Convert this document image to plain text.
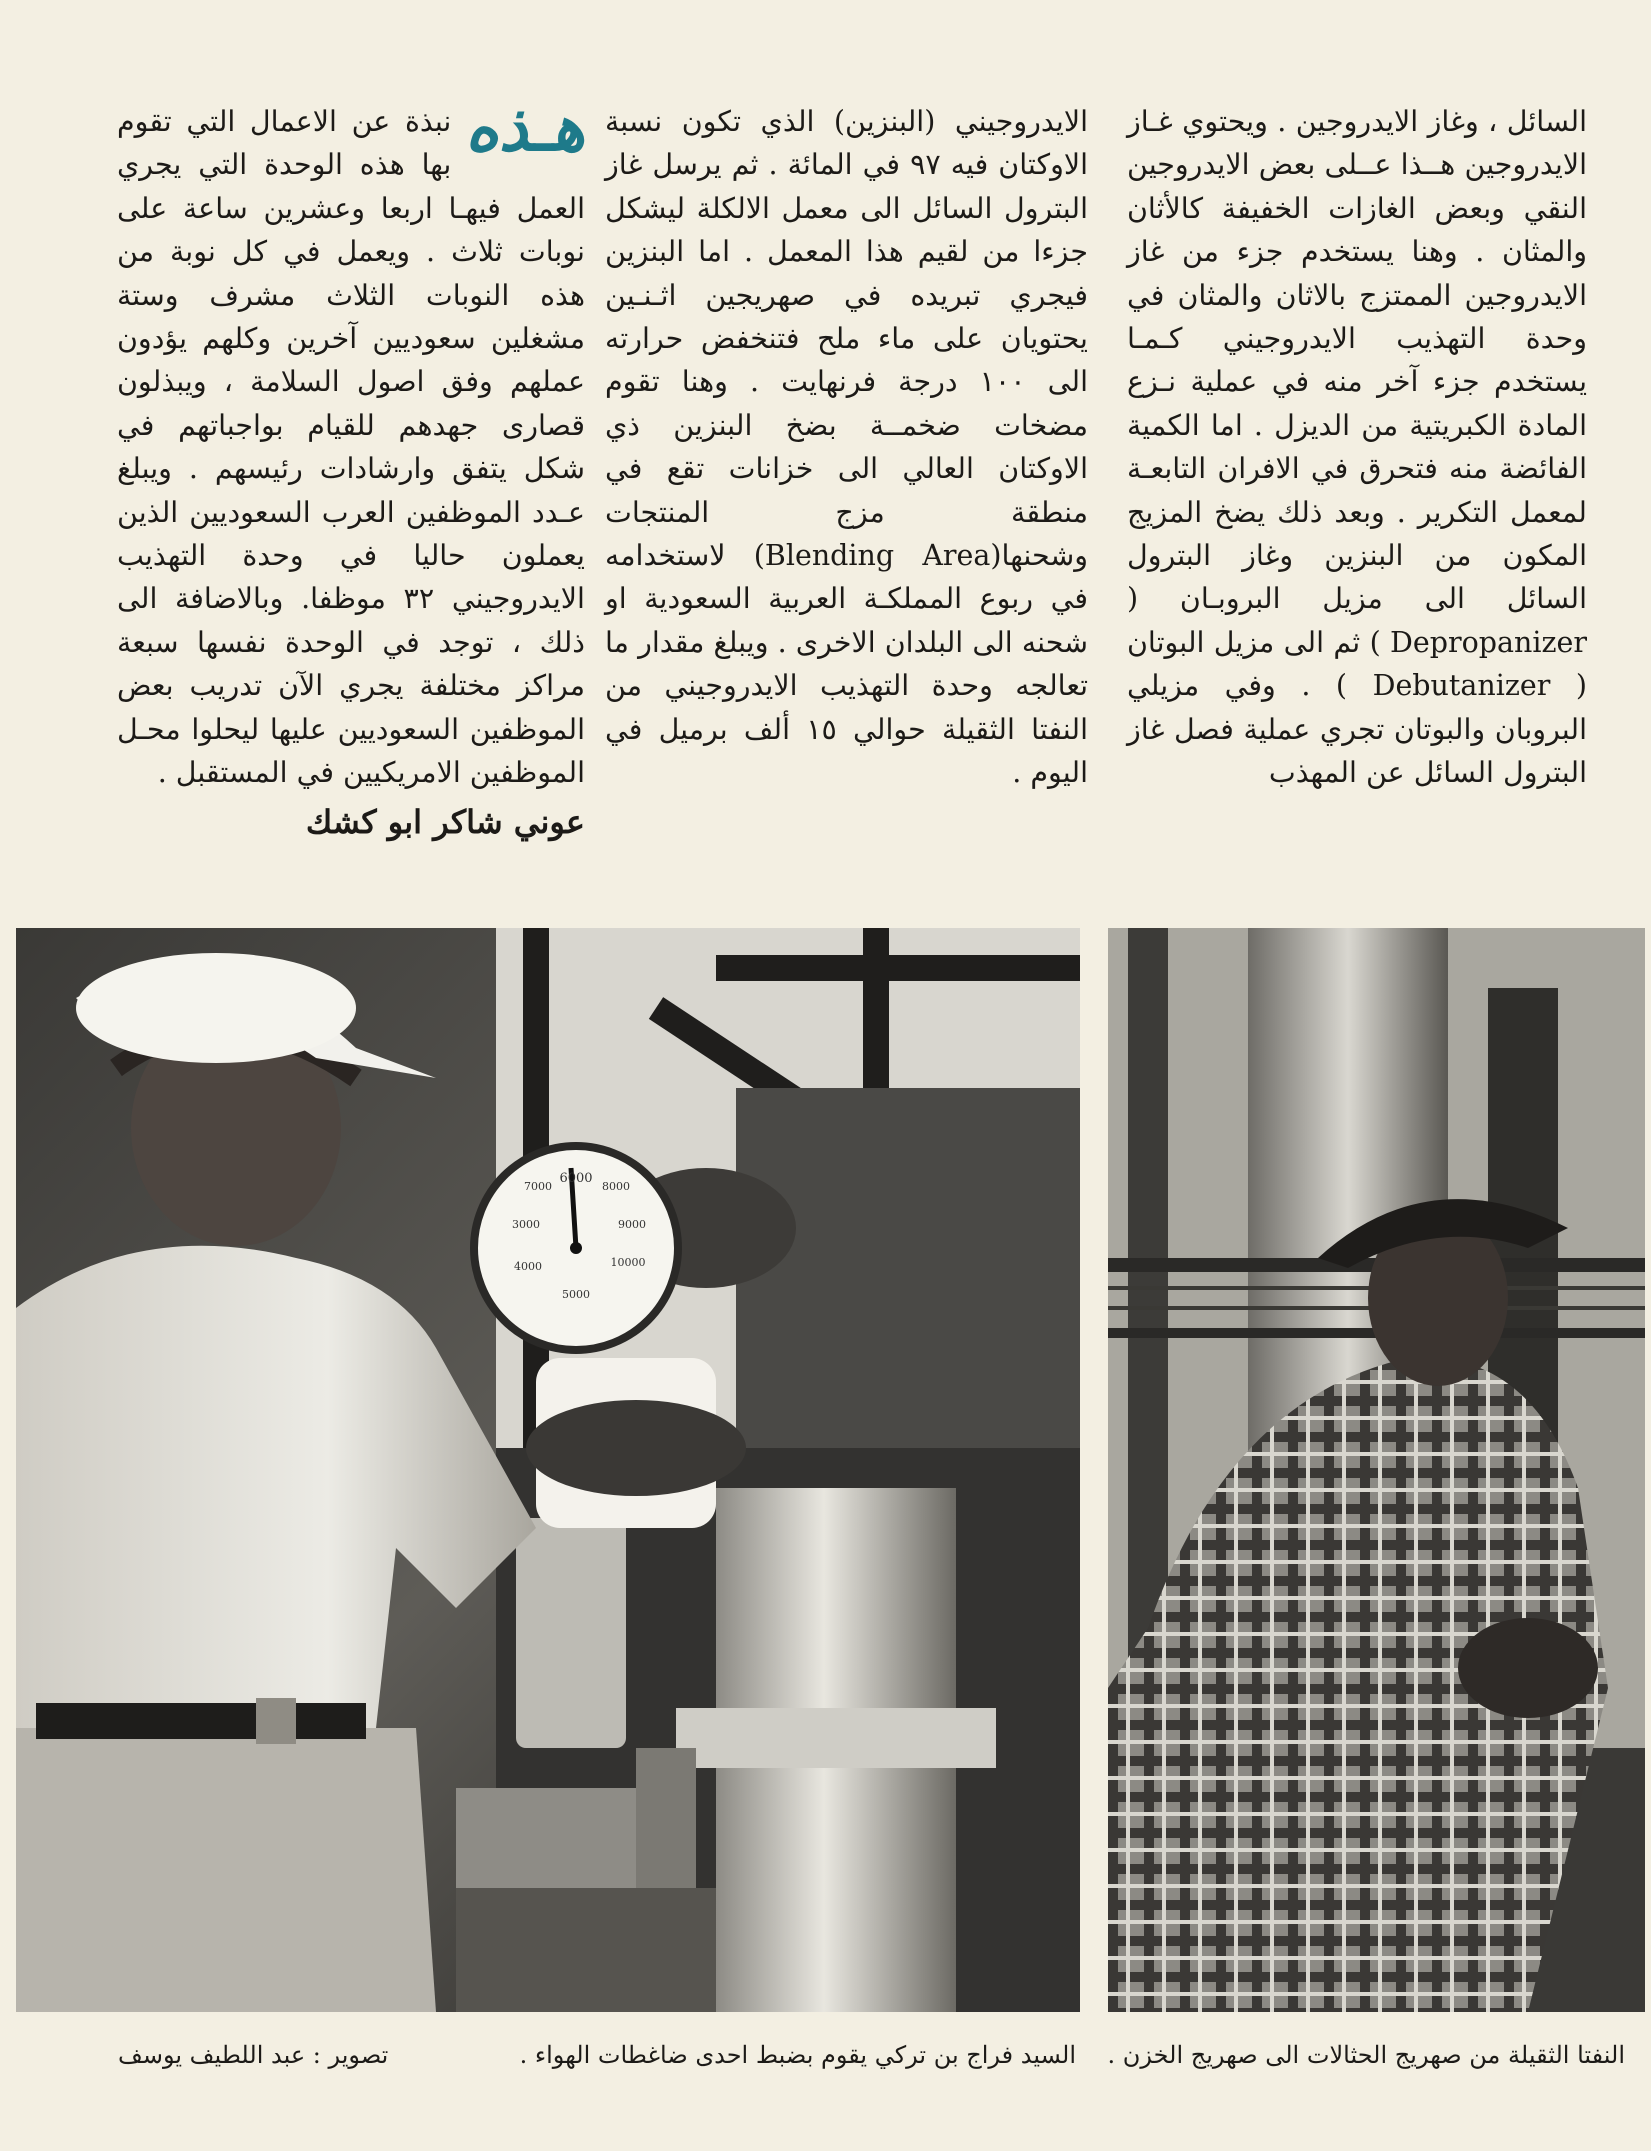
السائل ، وغاز الايدروجين . ويحتوي غـاز الايدروجين هــذا عــلى بعض الايدروجين النقي وبعض الغازات الخفيفة كالأثان والمثان . وهنا يستخدم جزء من غاز الايدروجين الممتزج بالاثان والمثان في وحدة التهذيب الايدروجيني كـمـا يستخدم جزء آخر منه في عملية نـزع المادة الكبريتية من الديزل . اما الكمية الفائضة منه فتحرق في الافران التابعـة لمعمل التكرير . وبعد ذلك يضخ المزيج المكون من البنزين وغاز البترول السائل الى مزيل البروبـان ( Depropanizer ) ثم الى مزيل البوتان ( Debutanizer ) . وفي مزيلي البروبان والبوتان تجري عملية فصل غاز البترول السائل عن المهذب

الايدروجيني (البنزين) الذي تكون نسبة الاوكتان فيه ٩٧ في المائة . ثم يرسل غاز البترول السائل الى معمل الالكلة ليشكل جزءا من لقيم هذا المعمل . اما البنزين فيجري تبريده في صهريجين اثـنـين يحتويان على ماء ملح فتنخفض حرارته الى ١٠٠ درجة فرنهايت . وهنا تقوم مضخات ضخمــة بضخ البنزين ذي الاوكتان العالي الى خزانات تقع في منطقة مزج المنتجات وشحنها(Blending Area) لاستخدامه في ربوع المملكـة العربية السعودية او شحنه الى البلدان الاخرى . ويبلغ مقدار ما تعالجه وحدة التهذيب الايدروجيني من النفتا الثقيلة حوالي ١٥ ألف برميل في اليوم .

هـذه
نبذة عن الاعمال التي تقوم بها هذه الوحدة التي يجري العمل فيهـا اربعا وعشرين ساعة على نوبات ثلاث . ويعمل في كل نوبة من هذه النوبات الثلاث مشرف وستة مشغلين سعوديين آخرين وكلهم يؤدون عملهم وفق اصول السلامة ، ويبذلون قصارى جهدهم للقيام بواجباتهم في شكل يتفق وارشادات رئيسهم . ويبلغ عـدد الموظفين العرب السعوديين الذين يعملون حاليا في وحدة التهذيب الايدروجيني ٣٢ موظفا. وبالاضافة الى ذلك ، توجد في الوحدة نفسها سبعة مراكز مختلفة يجري الآن تدريب بعض الموظفين السعوديين عليها ليحلوا محـل الموظفين الامريكيين في المستقبل .

عوني شاكر ابو كشك
6000
7000	8000
9000
10000
3000
4000
5000
النفتا الثقيلة من صهريج الحثالات الى صهريج الخزن .
السيد فراج بن تركي يقوم بضبط احدى ضاغطات الهواء .
تصوير : عبد اللطيف يوسف
